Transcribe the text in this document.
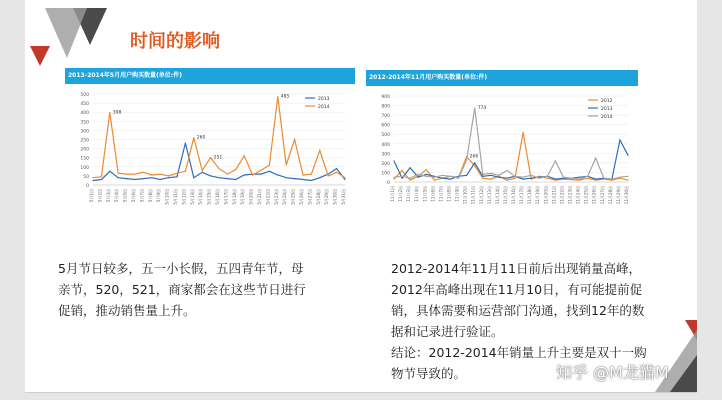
时间的影响
2013-2014年5月用户购买数量(单位:件)
0
50
100
150
200
250
300
350
400
450
500
5月1日 5月2日 5月3日 5月4日 5月5日 5月6日 5月7日 5月8日 5月9日 5月10日 5月11日 5月12日 5月13日 5月14日 5月15日 5月16日 5月17日 5月18日 5月19日 5月20日 5月21日 5月22日 5月23日 5月24日 5月25日 5月26日 5月27日 5月28日 5月29日 5月30日 5月31日
398
260
251
485	2013
2014
2012-2014年11月用户购买数量(单位:件)
0
100
200
300
400
500
600
700
800
900
11月1日 11月2日 11月3日 11月4日 11月5日 11月6日 11月7日 11月8日 11月9日 11月10日 11月11日 11月12日 11月13日 11月14日 11月15日 11月16日 11月17日 11月18日 11月19日 11月20日 11月21日 11月22日 11月23日 11月24日 11月25日 11月26日 11月27日 11月28日 11月29日 11月30日
266
774
2012
2013
2014
5月节日较多，五一小长假，五四青年节，母亲节，520，521，商家都会在这些节日进行促销，推动销售量上升。
2012-2014年11月11日前后出现销量高峰，2012年高峰出现在11月10日，有可能提前促销，具体需要和运营部门沟通，找到12年的数据和记录进行验证。
结论：2012-2014年销量上升主要是双十一购物节导致的。	知乎 @M龙猫M
